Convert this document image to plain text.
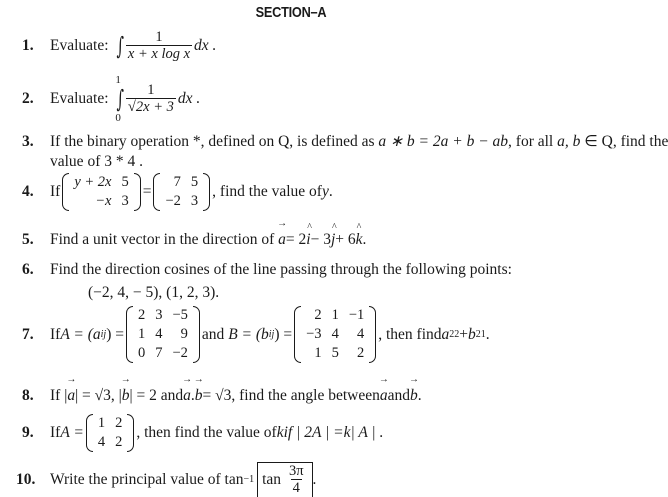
SECTION–A
1.	Evaluate:
∫ $\frac{1}{\text{x + x log x}}$ dx .
2.	Evaluate:

1
∫
0
$\frac{1}{√2x + 3}$ dx .
3. If the binary operation *, defined on Q, is defined as a ∗ b = 2a + b − ab, for all a, b ∈ Q, find the
value of 3 * 4 .
4.	If
y + 2x	5
−x	3
=
7	5
−2	3
, find the value of y .
5.	Find a unit vector in the direction of
→ a = 2 ^ i − 3 ^ j + 6 ^ k .
6.	Find the direction cosines of the line passing through the following points:
(−2, 4, − 5), (1, 2, 3).
7.	If A = (a ij ) =
2	3	−5
1	4	9
0	7	−2
and
B = (b ij ) =
2	1	−1
−3	4	4
1	5	2
, then find a 22 + b 21 .
8.	If | → a | = √3, | → b | = 2 and → a . → b = √3, find the angle between → a and → b .
9.	If A =
1	2
4	2
, then find the value of k if | 2A | = k | A | .
10. Write the principal value of tan −1 tan
$\frac{3\pi}{4}$ .
